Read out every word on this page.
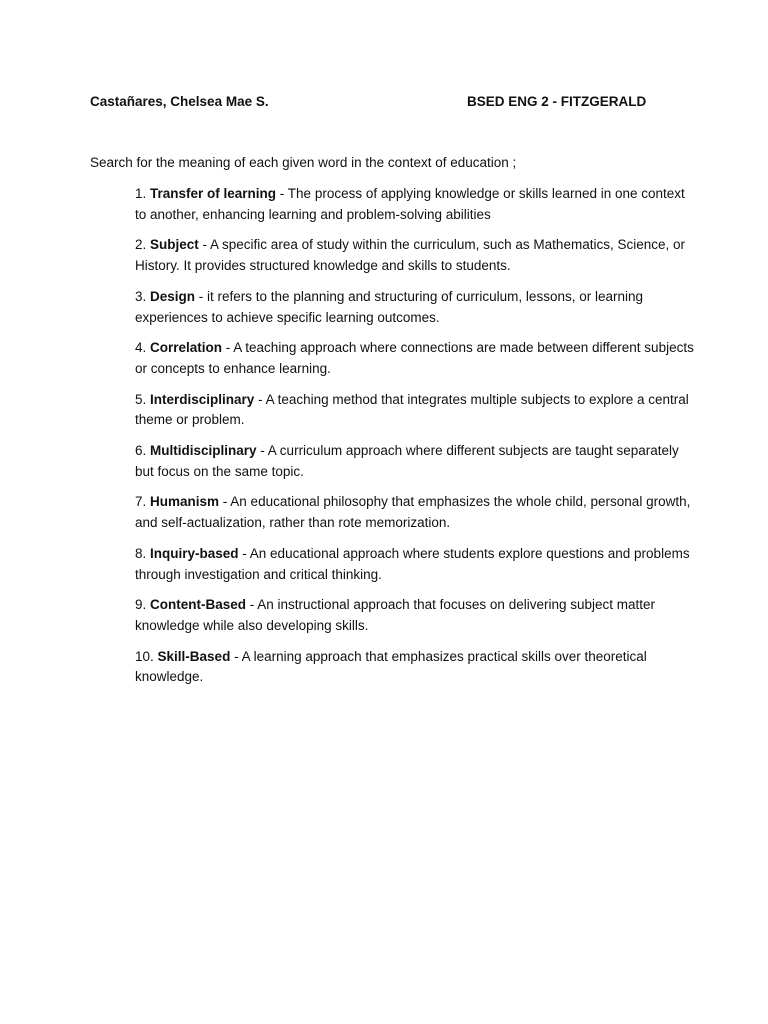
Castañares, Chelsea Mae S.	BSED ENG 2 - FITZGERALD
Search for the meaning of each given word in the context of education ;
1. Transfer of learning - The process of applying knowledge or skills learned in one context to another, enhancing learning and problem-solving abilities
2. Subject - A specific area of study within the curriculum, such as Mathematics, Science, or History. It provides structured knowledge and skills to students.
3. Design - it refers to the planning and structuring of curriculum, lessons, or learning experiences to achieve specific learning outcomes.
4. Correlation - A teaching approach where connections are made between different subjects or concepts to enhance learning.
5. Interdisciplinary - A teaching method that integrates multiple subjects to explore a central theme or problem.
6. Multidisciplinary - A curriculum approach where different subjects are taught separately but focus on the same topic.
7. Humanism - An educational philosophy that emphasizes the whole child, personal growth, and self-actualization, rather than rote memorization.
8. Inquiry-based - An educational approach where students explore questions and problems through investigation and critical thinking.
9. Content-Based - An instructional approach that focuses on delivering subject matter knowledge while also developing skills.
10. Skill-Based - A learning approach that emphasizes practical skills over theoretical knowledge.
